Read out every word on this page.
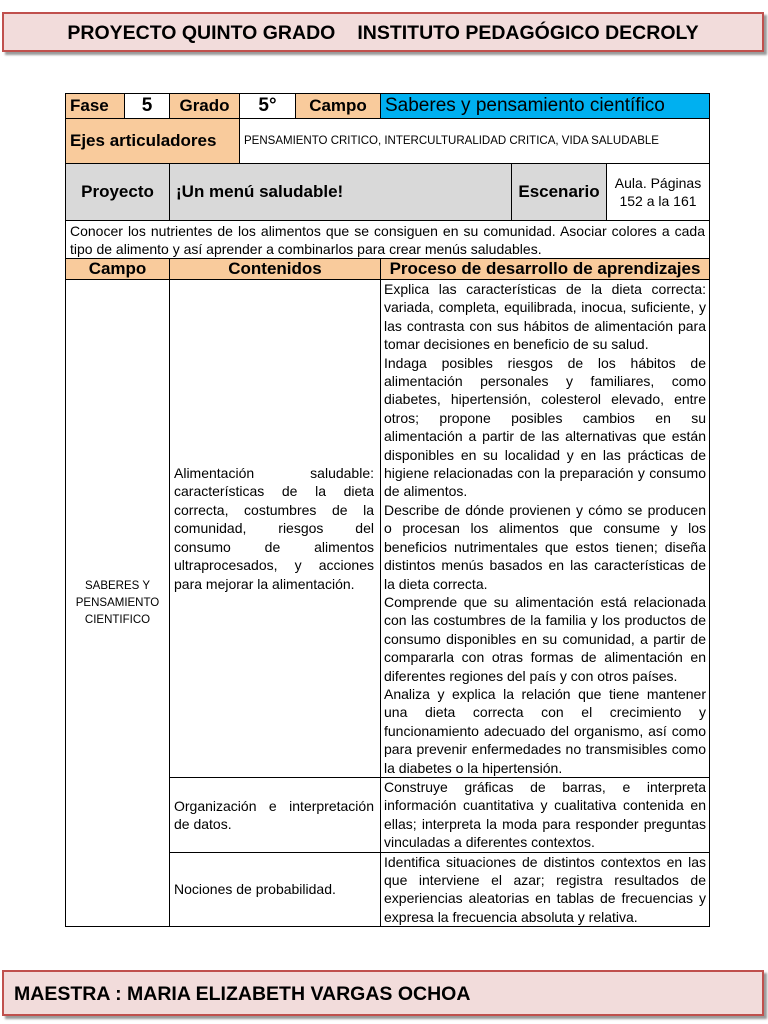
PROYECTO QUINTO GRADO INSTITUTO PEDAGÓGICO DECROLY
Fase	5	Grado	5°	Campo	Saberes y pensamiento científico		
Ejes articuladores			PENSAMIENTO CRITICO, INTERCULTURALIDAD CRITICA, VIDA SALUDABLE				
Proyecto		¡Un menú saludable!				Escenario	Aula. Páginas 152 a la 161
Conocer los nutrientes de los alimentos que se consiguen en su comunidad. Asociar colores a cada tipo de alimento y así aprender a combinarlos para crear menús saludables.							
Campo		Contenidos			Proceso de desarrollo de aprendizajes		
SABERES Y PENSAMIENTO CIENTIFICO		Alimentación saludable: características de la dieta correcta, costumbres de la comunidad, riesgos del consumo de alimentos ultraprocesados, y acciones para mejorar la alimentación.			Explica las características de la dieta correcta: variada, completa, equilibrada, inocua, suficiente, y las contrasta con sus hábitos de alimentación para tomar decisiones en beneficio de su salud.

Indaga posibles riesgos de los hábitos de alimentación personales y familiares, como diabetes, hipertensión, colesterol elevado, entre otros; propone posibles cambios en su alimentación a partir de las alternativas que están disponibles en su localidad y en las prácticas de higiene relacionadas con la preparación y consumo de alimentos.

Describe de dónde provienen y cómo se producen o procesan los alimentos que consume y los beneficios nutrimentales que estos tienen; diseña distintos menús basados en las características de la dieta correcta.

Comprende que su alimentación está relacionada con las costumbres de la familia y los productos de consumo disponibles en su comunidad, a partir de compararla con otras formas de alimentación en diferentes regiones del país y con otros países.

Analiza y explica la relación que tiene mantener una dieta correcta con el crecimiento y funcionamiento adecuado del organismo, así como para prevenir enfermedades no transmisibles como la diabetes o la hipertensión.		

		Organización e interpretación de datos.			Construye gráficas de barras, e interpreta información cuantitativa y cualitativa contenida en ellas; interpreta la moda para responder preguntas vinculadas a diferentes contextos.		

		Nociones de probabilidad.			Identifica situaciones de distintos contextos en las que interviene el azar; registra resultados de experiencias aleatorias en tablas de frecuencias y expresa la frecuencia absoluta y relativa.		

MAESTRA : MARIA ELIZABETH VARGAS OCHOA
